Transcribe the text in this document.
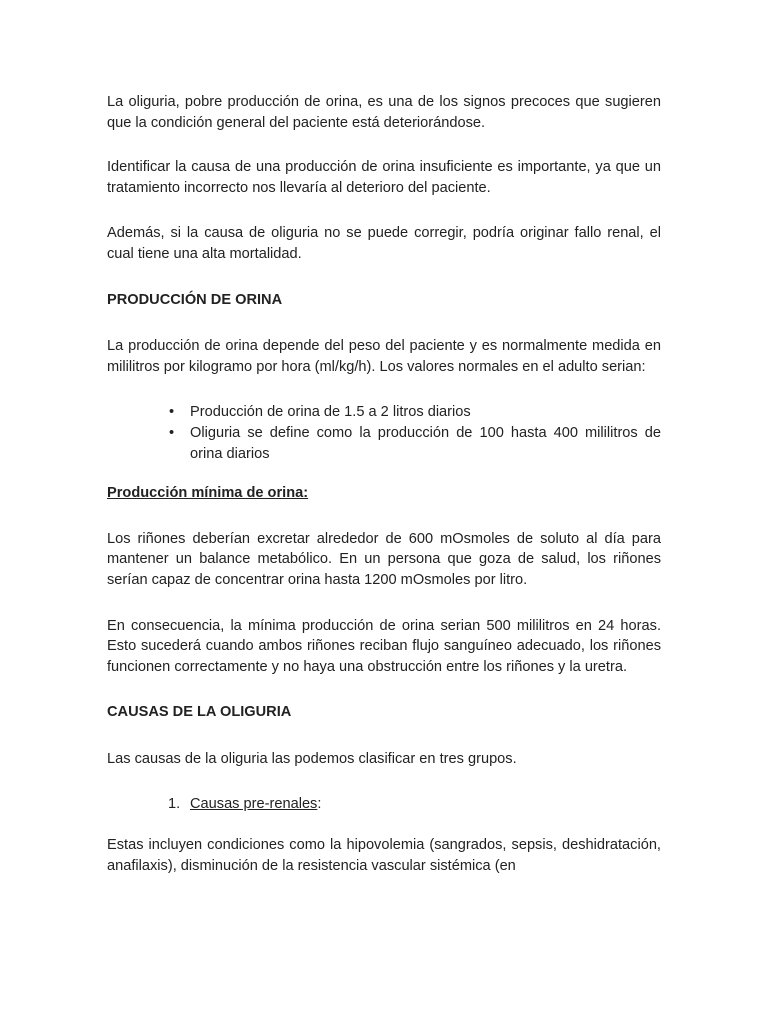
La oliguria, pobre producción de orina, es una de los signos precoces que sugieren que la condición general del paciente está deteriorándose.

Identificar la causa de una producción de orina insuficiente es importante, ya que un tratamiento incorrecto nos llevaría al deterioro del paciente.

Además, si la causa de oliguria no se puede corregir, podría originar fallo renal, el cual tiene una alta mortalidad.

PRODUCCIÓN DE ORINA

La producción de orina depende del peso del paciente y es normalmente medida en mililitros por kilogramo por hora (ml/kg/h). Los valores normales en el adulto serian:

• Producción de orina de 1.5 a 2 litros diarios
• Oliguria se define como la producción de 100 hasta 400 mililitros de orina diarios
Producción mínima de orina:

Los riñones deberían excretar alrededor de 600 mOsmoles de soluto al día para mantener un balance metabólico. En un persona que goza de salud, los riñones serían capaz de concentrar orina hasta 1200 mOsmoles por litro.

En consecuencia, la mínima producción de orina serian 500 mililitros en 24 horas. Esto sucederá cuando ambos riñones reciban flujo sanguíneo adecuado, los riñones funcionen correctamente y no haya una obstrucción entre los riñones y la uretra.

CAUSAS DE LA OLIGURIA

Las causas de la oliguria las podemos clasificar en tres grupos.

1. Causas pre-renales:

Estas incluyen condiciones como la hipovolemia (sangrados, sepsis, deshidratación, anafilaxis), disminución de la resistencia vascular sistémica (en
